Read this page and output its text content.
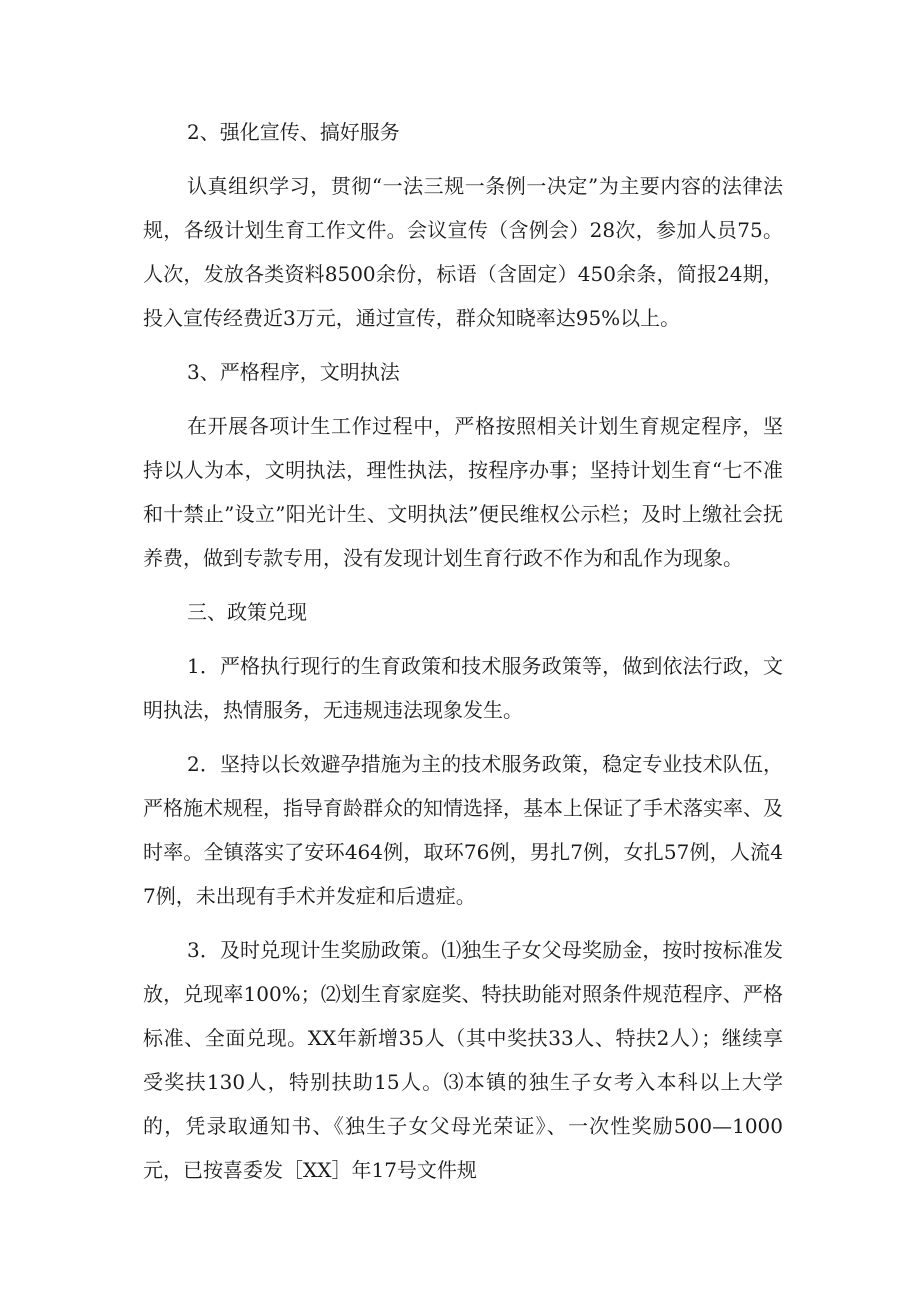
2、强化宣传、搞好服务

认真组织学习，贯彻“一法三规一条例一决定”为主要内容的法律法规，各级计划生育工作文件。会议宣传（含例会）28次，参加人员75。人次，发放各类资料8500余份，标语（含固定）450余条，简报24期，投入宣传经费近3万元，通过宣传，群众知晓率达95%以上。

3、严格程序，文明执法

在开展各项计生工作过程中，严格按照相关计划生育规定程序，坚持以人为本，文明执法，理性执法，按程序办事；坚持计划生育“七不准和十禁止”设立”阳光计生、文明执法”便民维权公示栏；及时上缴社会抚养费，做到专款专用，没有发现计划生育行政不作为和乱作为现象。

三、政策兑现

1．严格执行现行的生育政策和技术服务政策等，做到依法行政，文明执法，热情服务，无违规违法现象发生。

2．坚持以长效避孕措施为主的技术服务政策，稳定专业技术队伍，严格施术规程，指导育龄群众的知情选择，基本上保证了手术落实率、及时率。全镇落实了安环464例，取环76例，男扎7例，女扎57例，人流47例，未出现有手术并发症和后遗症。

3．及时兑现计生奖励政策。⑴独生子女父母奖励金，按时按标准发放，兑现率100%；⑵划生育家庭奖、特扶助能对照条件规范程序、严格标准、全面兑现。XX年新增35人（其中奖扶33人、特扶2人）；继续享受奖扶130人，特别扶助15人。⑶本镇的独生子女考入本科以上大学的，凭录取通知书、《独生子女父母光荣证》、一次性奖励500—1000元，已按喜委发［XX］年17号文件规
